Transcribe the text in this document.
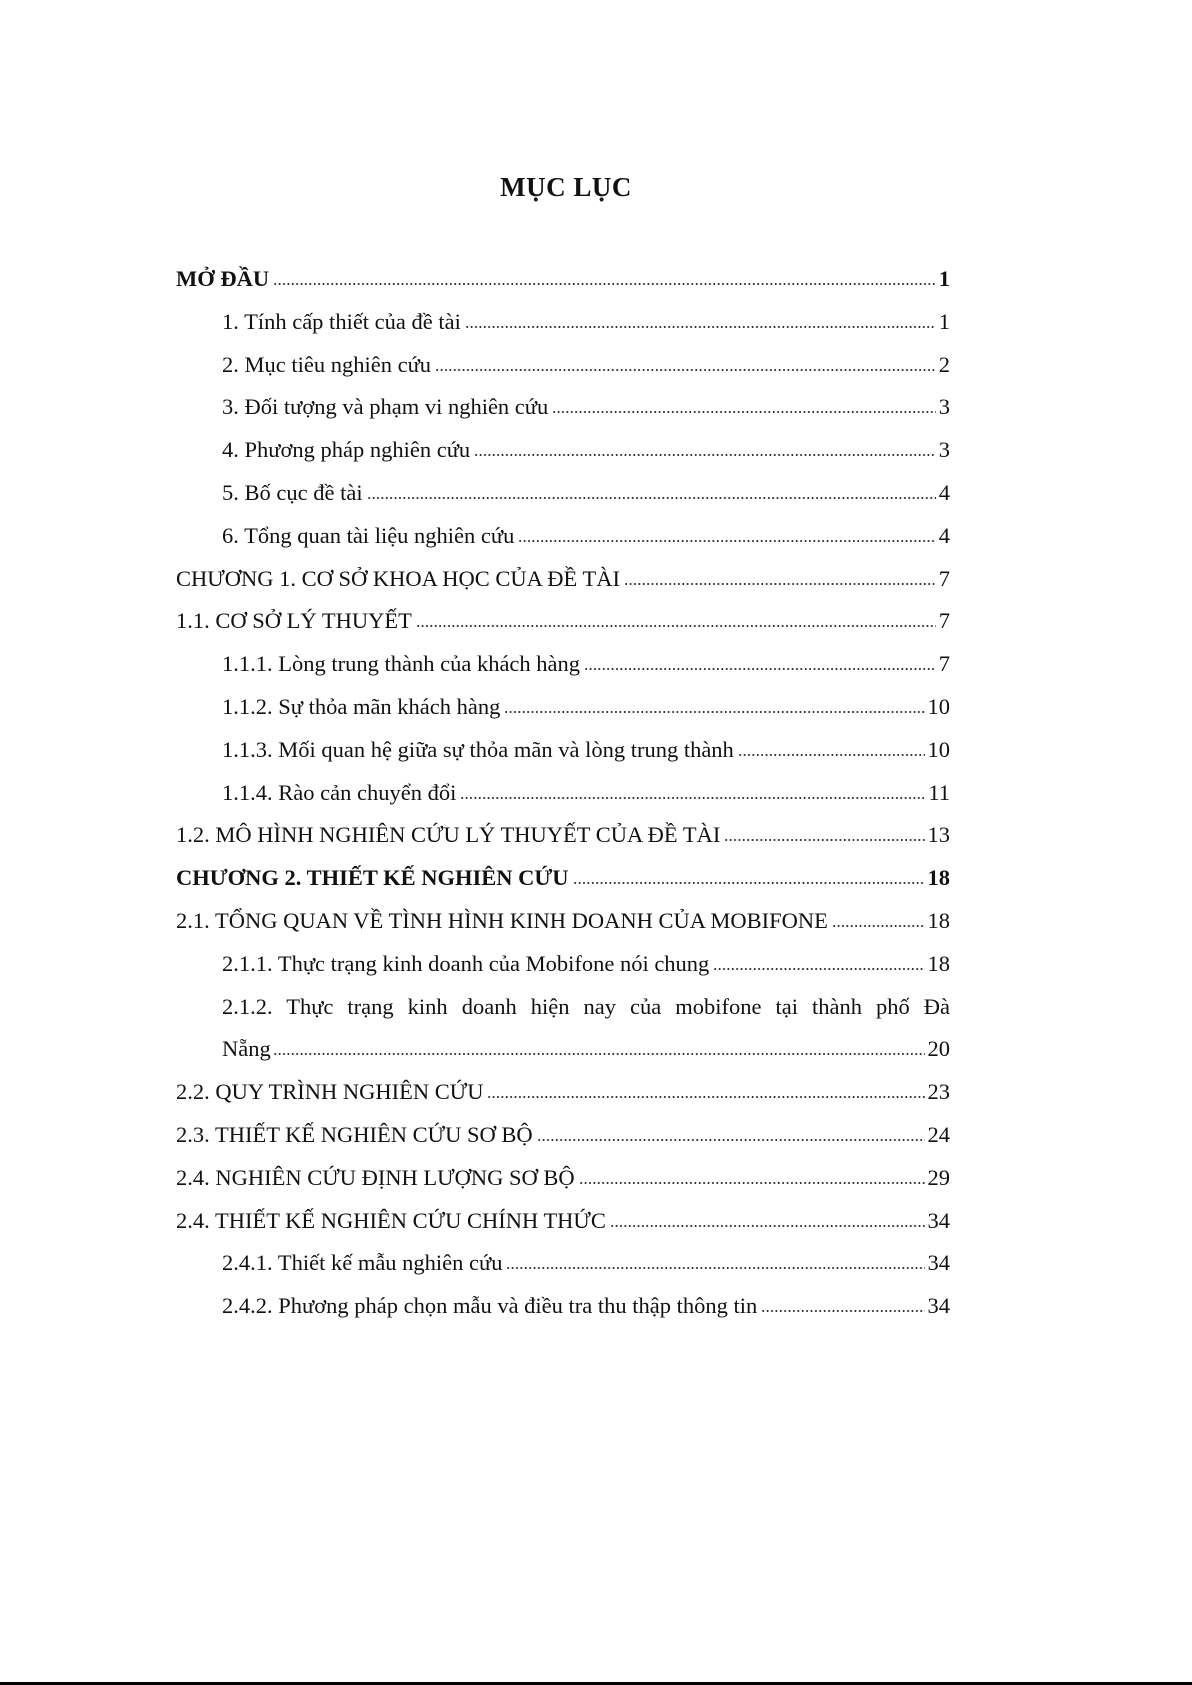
MỤC LỤC
MỞ ĐẦU	1
1. Tính cấp thiết của đề tài	1
2. Mục tiêu nghiên cứu	2
3. Đối tượng và phạm vi nghiên cứu	3
4. Phương pháp nghiên cứu	3
5. Bố cục đề tài	4
6. Tổng quan tài liệu nghiên cứu	4
CHƯƠNG 1. CƠ SỞ KHOA HỌC CỦA ĐỀ TÀI	7
1.1. CƠ SỞ LÝ THUYẾT	7
1.1.1. Lòng trung thành của khách hàng	7
1.1.2. Sự thỏa mãn khách hàng	10
1.1.3. Mối quan hệ giữa sự thỏa mãn và lòng trung thành	10
1.1.4. Rào cản chuyển đổi	11
1.2. MÔ HÌNH NGHIÊN CỨU LÝ THUYẾT CỦA ĐỀ TÀI	13
CHƯƠNG 2. THIẾT KẾ NGHIÊN CỨU	18
2.1. TỔNG QUAN VỀ TÌNH HÌNH KINH DOANH CỦA MOBIFONE	18
2.1.1. Thực trạng kinh doanh của Mobifone nói chung	18
2.1.2. Thực trạng kinh doanh hiện nay của mobifone tại thành phố Đà
Nẵng	20
2.2. QUY TRÌNH NGHIÊN CỨU	23
2.3. THIẾT KẾ NGHIÊN CỨU SƠ BỘ	24
2.4. NGHIÊN CỨU ĐỊNH LƯỢNG SƠ BỘ	29
2.4. THIẾT KẾ NGHIÊN CỨU CHÍNH THỨC	34
2.4.1. Thiết kế mẫu nghiên cứu	34
2.4.2. Phương pháp chọn mẫu và điều tra thu thập thông tin	34
